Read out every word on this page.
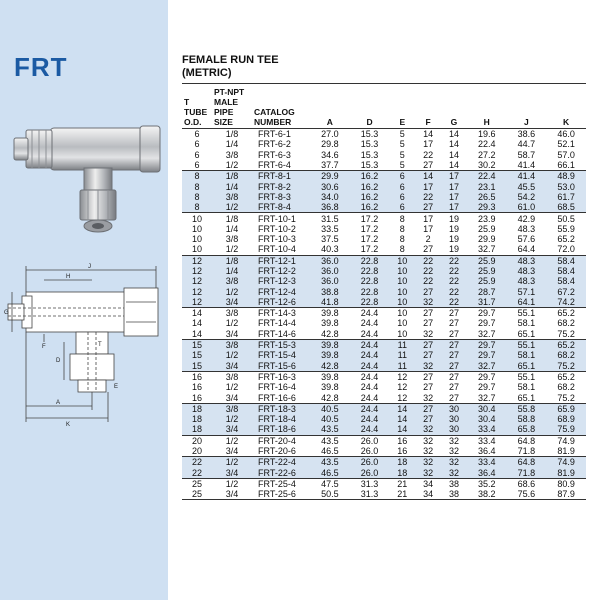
FRT
J
H
G
D
F	T
A
K
E
FEMALE RUN TEE
(METRIC)
T
TUBE
O.D.	PT-NPT
MALE
PIPE
SIZE	CATALOG
NUMBER	A	D	E	F	G	H	J	K
6	1/8	FRT-6-1	27.0	15.3	5	14	14	19.6	38.6	46.0
6	1/4	FRT-6-2	29.8	15.3	5	17	14	22.4	44.7	52.1
6	3/8	FRT-6-3	34.6	15.3	5	22	14	27.2	58.7	57.0
6	1/2	FRT-6-4	37.7	15.3	5	27	14	30.2	41.4	66.1
8	1/8	FRT-8-1	29.9	16.2	6	14	17	22.4	41.4	48.9
8	1/4	FRT-8-2	30.6	16.2	6	17	17	23.1	45.5	53.0
8	3/8	FRT-8-3	34.0	16.2	6	22	17	26.5	54.2	61.7
8	1/2	FRT-8-4	36.8	16.2	6	27	17	29.3	61.0	68.5
10	1/8	FRT-10-1	31.5	17.2	8	17	19	23.9	42.9	50.5
10	1/4	FRT-10-2	33.5	17.2	8	17	19	25.9	48.3	55.9
10	3/8	FRT-10-3	37.5	17.2	8	2	19	29.9	57.6	65.2
10	1/2	FRT-10-4	40.3	17.2	8	27	19	32.7	64.4	72.0
12	1/8	FRT-12-1	36.0	22.8	10	22	22	25.9	48.3	58.4
12	1/4	FRT-12-2	36.0	22.8	10	22	22	25.9	48.3	58.4
12	3/8	FRT-12-3	36.0	22.8	10	22	22	25.9	48.3	58.4
12	1/2	FRT-12-4	38.8	22.8	10	27	22	28.7	57.1	67.2
12	3/4	FRT-12-6	41.8	22.8	10	32	22	31.7	64.1	74.2
14	3/8	FRT-14-3	39.8	24.4	10	27	27	29.7	55.1	65.2
14	1/2	FRT-14-4	39.8	24.4	10	27	27	29.7	58.1	68.2
14	3/4	FRT-14-6	42.8	24.4	10	32	27	32.7	65.1	75.2
15	3/8	FRT-15-3	39.8	24.4	11	27	27	29.7	55.1	65.2
15	1/2	FRT-15-4	39.8	24.4	11	27	27	29.7	58.1	68.2
15	3/4	FRT-15-6	42.8	24.4	11	32	27	32.7	65.1	75.2
16	3/8	FRT-16-3	39.8	24.4	12	27	27	29.7	55.1	65.2
16	1/2	FRT-16-4	39.8	24.4	12	27	27	29.7	58.1	68.2
16	3/4	FRT-16-6	42.8	24.4	12	32	27	32.7	65.1	75.2
18	3/8	FRT-18-3	40.5	24.4	14	27	30	30.4	55.8	65.9
18	1/2	FRT-18-4	40.5	24.4	14	27	30	30.4	58.8	68.9
18	3/4	FRT-18-6	43.5	24.4	14	32	30	33.4	65.8	75.9
20	1/2	FRT-20-4	43.5	26.0	16	32	32	33.4	64.8	74.9
20	3/4	FRT-20-6	46.5	26.0	16	32	32	36.4	71.8	81.9
22	1/2	FRT-22-4	43.5	26.0	18	32	32	33.4	64.8	74.9
22	3/4	FRT-22-6	46.5	26.0	18	32	32	36.4	71.8	81.9
25	1/2	FRT-25-4	47.5	31.3	21	34	38	35.2	68.6	80.9
25	3/4	FRT-25-6	50.5	31.3	21	34	38	38.2	75.6	87.9
